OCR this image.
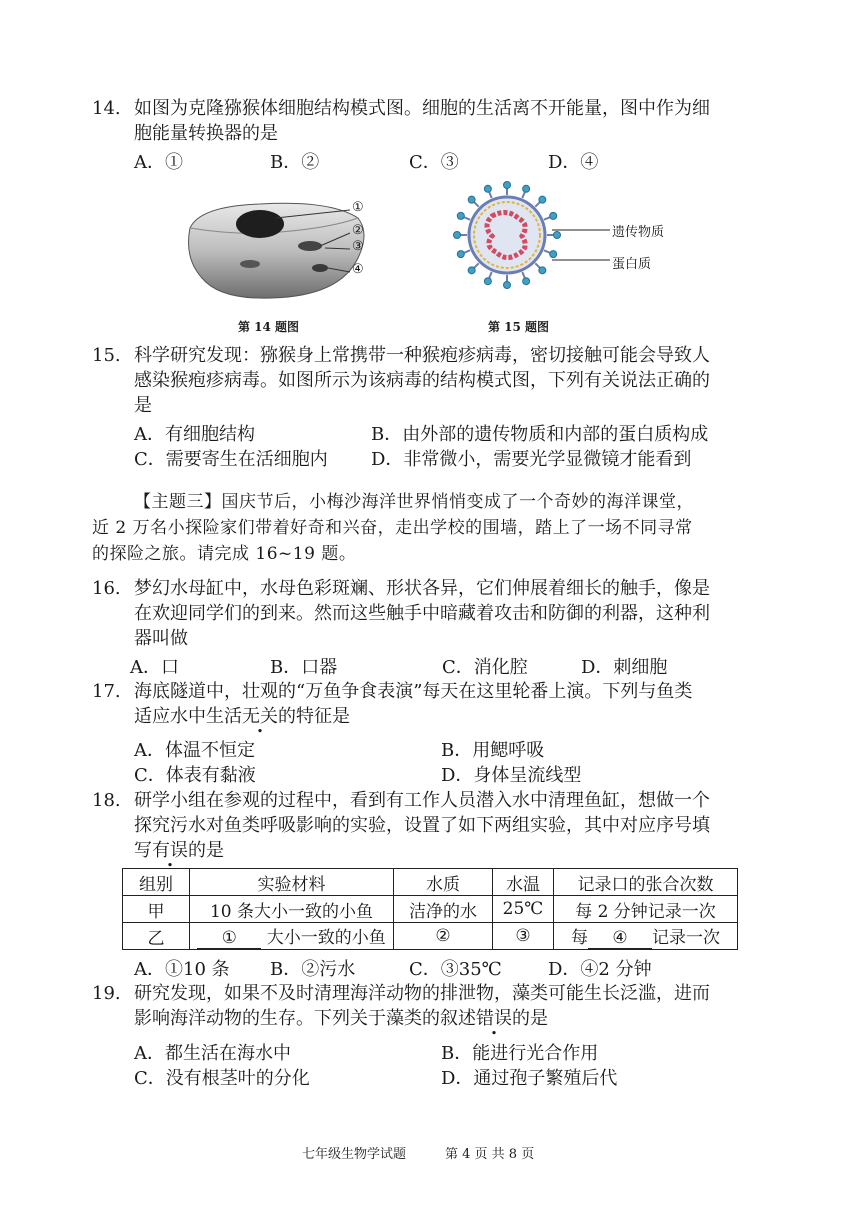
14. 如图为克隆猕猴体细胞结构模式图。细胞的生活离不开能量，图中作为细
胞能量转换器的是
A．①	B．②	C．③	D．④
①
②
③
④
第 14 题图
遗传物质
蛋白质
第 15 题图
15. 科学研究发现：猕猴身上常携带一种猴疱疹病毒，密切接触可能会导致人
感染猴疱疹病毒。如图所示为该病毒的结构模式图，下列有关说法正确的
是
A．有细胞结构	B．由外部的遗传物质和内部的蛋白质构成
C．需要寄生在活细胞内 D．非常微小，需要光学显微镜才能看到
【主题三】国庆节后，小梅沙海洋世界悄悄变成了一个奇妙的海洋课堂，
近 2 万名小探险家们带着好奇和兴奋，走出学校的围墙，踏上了一场不同寻常
的探险之旅。请完成 16~19 题。
16. 梦幻水母缸中，水母色彩斑斓、形状各异，它们伸展着细长的触手，像是
在欢迎同学们的到来。然而这些触手中暗藏着攻击和防御的利器，这种利
器叫做
A．口	B．口器	C．消化腔	D．刺细胞
17. 海底隧道中，壮观的“万鱼争食表演”每天在这里轮番上演。下列与鱼类
适应水中生活无关的特征是
A．体温不恒定	B．用鳃呼吸
C．体表有黏液	D．身体呈流线型
18. 研学小组在参观的过程中，看到有工作人员潜入水中清理鱼缸，想做一个
探究污水对鱼类呼吸影响的实验，设置了如下两组实验，其中对应序号填
写有误的是
组别	实验材料	水质	水温	记录口的张合次数
甲	10 条大小一致的小鱼	洁净的水	25℃	每 2 分钟记录一次
乙	① 大小一致的小鱼	②	③	每 ④ 记录一次
A．①10 条 B．②污水	C．③35℃	D．④2 分钟
19. 研究发现，如果不及时清理海洋动物的排泄物，藻类可能生长泛滥，进而
影响海洋动物的生存。下列关于藻类的叙述错误的是
A．都生活在海水中	B．能进行光合作用
C．没有根茎叶的分化	D．通过孢子繁殖后代
七年级生物学试题	第 4 页 共 8 页
